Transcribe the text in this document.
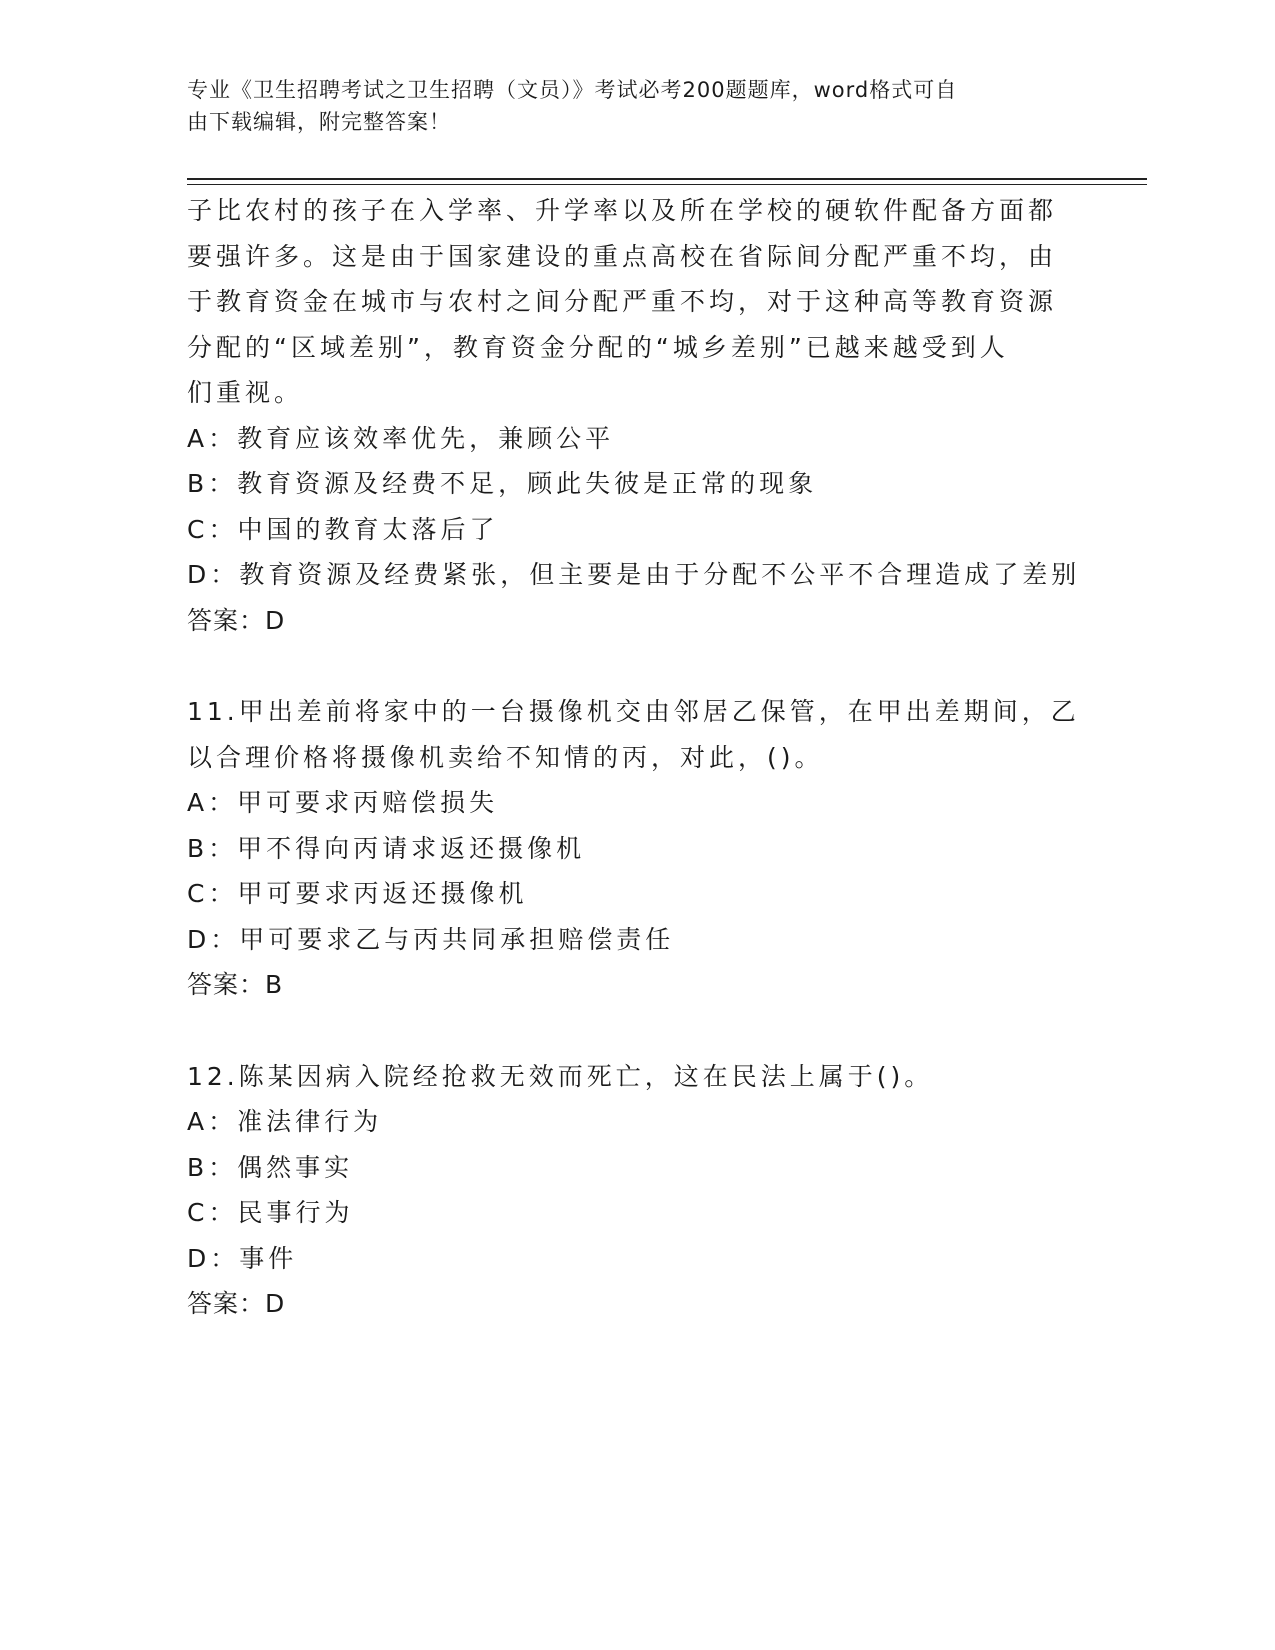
专业《卫生招聘考试之卫生招聘（文员）》考试必考200题题库，word格式可自
由下载编辑，附完整答案！
子比农村的孩子在入学率、升学率以及所在学校的硬软件配备方面都
要强许多。这是由于国家建设的重点高校在省际间分配严重不均，由
于教育资金在城市与农村之间分配严重不均，对于这种高等教育资源
分配的“区域差别”，教育资金分配的“城乡差别”已越来越受到人
们重视。
A：教育应该效率优先，兼顾公平
B：教育资源及经费不足，顾此失彼是正常的现象
C：中国的教育太落后了
D：教育资源及经费紧张，但主要是由于分配不公平不合理造成了差别
答案：D
11.甲出差前将家中的一台摄像机交由邻居乙保管，在甲出差期间，乙
以合理价格将摄像机卖给不知情的丙，对此，()。
A：甲可要求丙赔偿损失
B：甲不得向丙请求返还摄像机
C：甲可要求丙返还摄像机
D：甲可要求乙与丙共同承担赔偿责任
答案：B
12.陈某因病入院经抢救无效而死亡，这在民法上属于()。
A：准法律行为
B：偶然事实
C：民事行为
D：事件
答案：D
